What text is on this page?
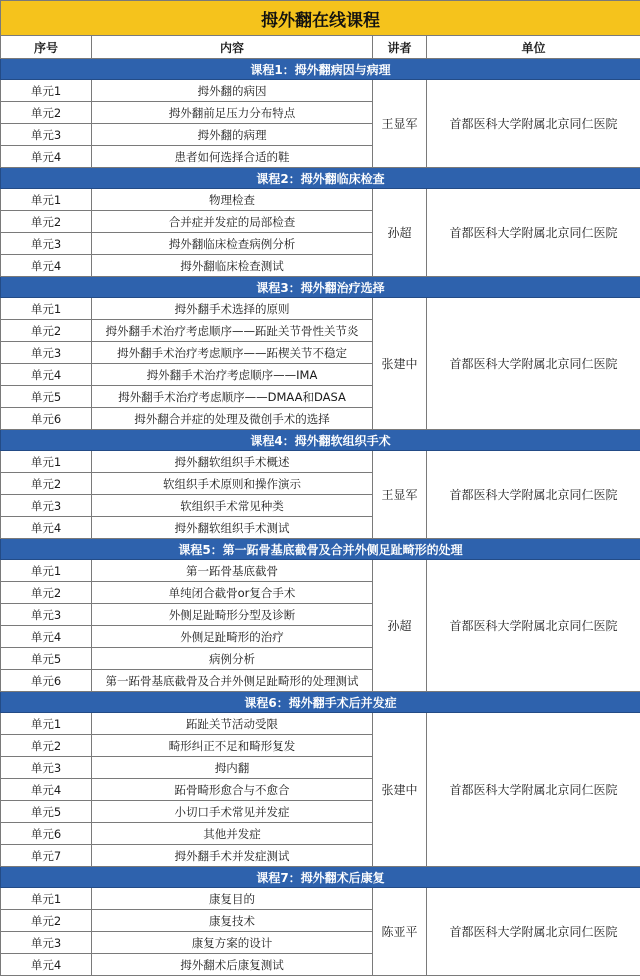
拇外翻在线课程			
序号	内容	讲者	单位
课程1：拇外翻病因与病理			
单元1	拇外翻的病因	王显军	首都医科大学附属北京同仁医院
单元2	拇外翻前足压力分布特点		
单元3	拇外翻的病理		
单元4	患者如何选择合适的鞋		
课程2：拇外翻临床检查			
单元1	物理检查	孙超	首都医科大学附属北京同仁医院
单元2	合并症并发症的局部检查		
单元3	拇外翻临床检查病例分析		
单元4	拇外翻临床检查测试		
课程3：拇外翻治疗选择			
单元1	拇外翻手术选择的原则	张建中	首都医科大学附属北京同仁医院
单元2	拇外翻手术治疗考虑顺序——跖趾关节骨性关节炎		
单元3	拇外翻手术治疗考虑顺序——跖楔关节不稳定		
单元4	拇外翻手术治疗考虑顺序——IMA		
单元5	拇外翻手术治疗考虑顺序——DMAA和DASA		
单元6	拇外翻合并症的处理及微创手术的选择		
课程4：拇外翻软组织手术			
单元1	拇外翻软组织手术概述	王显军	首都医科大学附属北京同仁医院
单元2	软组织手术原则和操作演示		
单元3	软组织手术常见种类		
单元4	拇外翻软组织手术测试		
课程5：第一跖骨基底截骨及合并外侧足趾畸形的处理			
单元1	第一跖骨基底截骨	孙超	首都医科大学附属北京同仁医院
单元2	单纯闭合截骨or复合手术		
单元3	外侧足趾畸形分型及诊断		
单元4	外侧足趾畸形的治疗		
单元5	病例分析		
单元6	第一跖骨基底截骨及合并外侧足趾畸形的处理测试		
课程6：拇外翻手术后并发症			
单元1	跖趾关节活动受限	张建中	首都医科大学附属北京同仁医院
单元2	畸形纠正不足和畸形复发		
单元3	拇内翻		
单元4	跖骨畸形愈合与不愈合		
单元5	小切口手术常见并发症		
单元6	其他并发症		
单元7	拇外翻手术并发症测试		
课程7：拇外翻术后康复			
单元1	康复目的	陈亚平	首都医科大学附属北京同仁医院
单元2	康复技术		
单元3	康复方案的设计		
单元4	拇外翻术后康复测试		
